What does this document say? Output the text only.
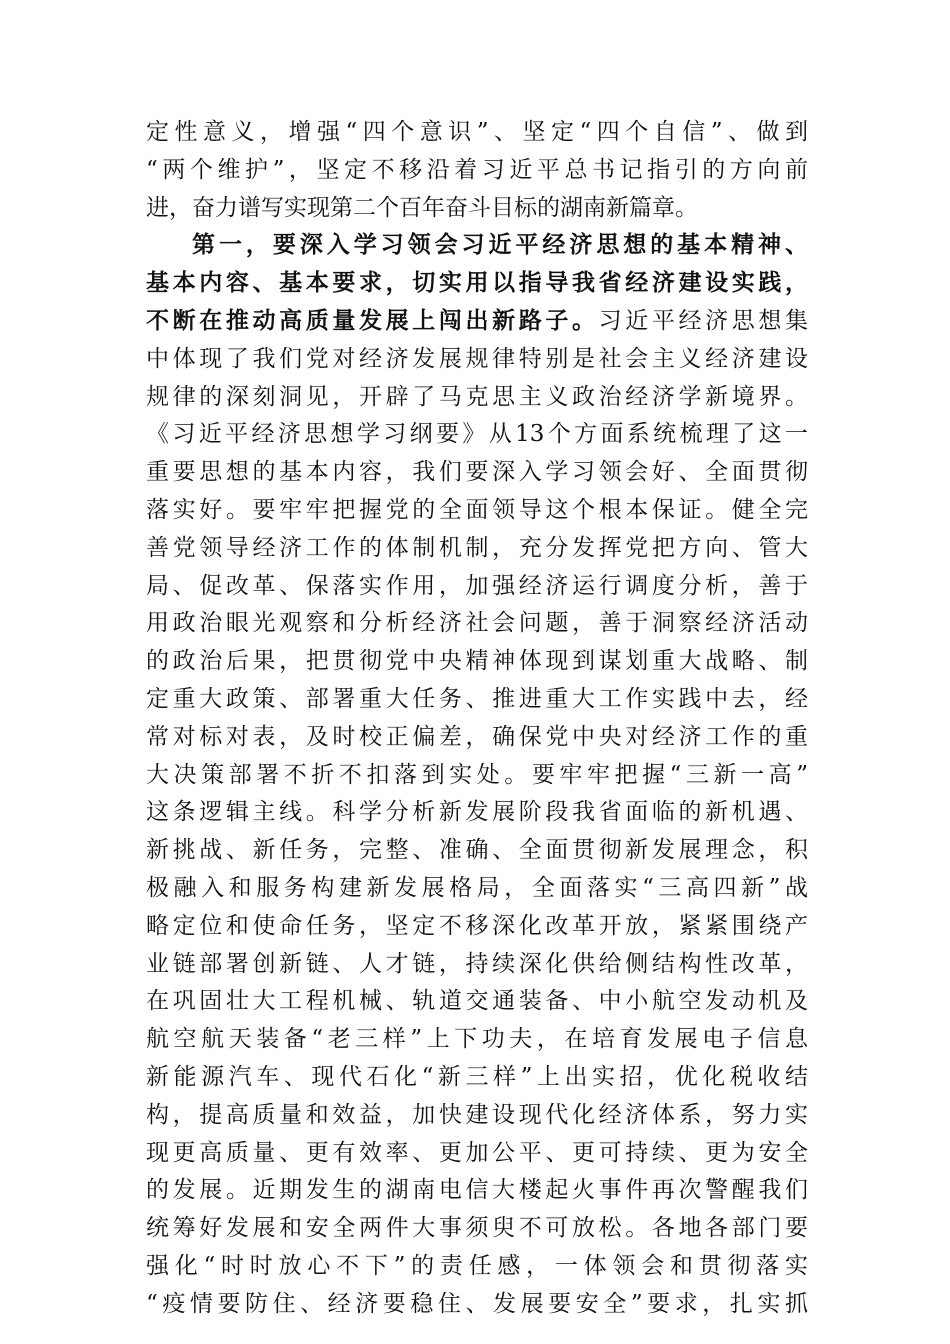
定性意义，增强“四个意识”、坚定“四个自信”、做到
“两个维护”，坚定不移沿着习近平总书记指引的方向前
进，奋力谱写实现第二个百年奋斗目标的湖南新篇章。
第一，要深入学习领会习近平经济思想的基本精神、
基本内容、基本要求，切实用以指导我省经济建设实践，
不断在推动高质量发展上闯出新路子。习近平经济思想集
中体现了我们党对经济发展规律特别是社会主义经济建设
规律的深刻洞见，开辟了马克思主义政治经济学新境界。
《习近平经济思想学习纲要》从13个方面系统梳理了这一
重要思想的基本内容，我们要深入学习领会好、全面贯彻
落实好。要牢牢把握党的全面领导这个根本保证。健全完
善党领导经济工作的体制机制，充分发挥党把方向、管大
局、促改革、保落实作用，加强经济运行调度分析，善于
用政治眼光观察和分析经济社会问题，善于洞察经济活动
的政治后果，把贯彻党中央精神体现到谋划重大战略、制
定重大政策、部署重大任务、推进重大工作实践中去，经
常对标对表，及时校正偏差，确保党中央对经济工作的重
大决策部署不折不扣落到实处。要牢牢把握“三新一高”
这条逻辑主线。科学分析新发展阶段我省面临的新机遇、
新挑战、新任务，完整、准确、全面贯彻新发展理念，积
极融入和服务构建新发展格局，全面落实“三高四新”战
略定位和使命任务，坚定不移深化改革开放，紧紧围绕产
业链部署创新链、人才链，持续深化供给侧结构性改革，
在巩固壮大工程机械、轨道交通装备、中小航空发动机及
航空航天装备“老三样”上下功夫，在培育发展电子信息
新能源汽车、现代石化“新三样”上出实招，优化税收结
构，提高质量和效益，加快建设现代化经济体系，努力实
现更高质量、更有效率、更加公平、更可持续、更为安全
的发展。近期发生的湖南电信大楼起火事件再次警醒我们
统筹好发展和安全两件大事须臾不可放松。各地各部门要
强化“时时放心不下”的责任感，一体领会和贯彻落实
“疫情要防住、经济要稳住、发展要安全”要求，扎实抓
